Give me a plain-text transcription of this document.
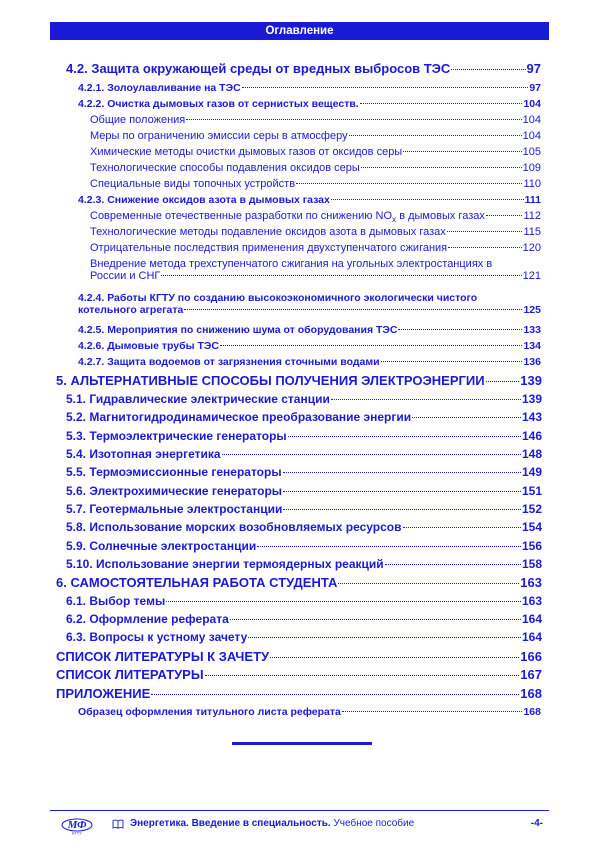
Оглавление
4.2. Защита окружающей среды от вредных выбросов ТЭС	97
4.2.1. Золоулавливание на ТЭС	97
4.2.2. Очистка дымовых газов от сернистых веществ.	104
Общие положения	104
Меры по ограничению эмиссии серы в атмосферу	104
Химические методы очистки дымовых газов от оксидов серы	105
Технологические способы подавления оксидов серы	109
Специальные виды топочных устройств	110
4.2.3. Снижение оксидов азота в дымовых газах	111
Современные отечественные разработки по снижению $NO_x$ в дымовых газах	112
Технологические методы подавление оксидов азота в дымовых газах	115
Отрицательные последствия применения двухступенчатого сжигания	120
Внедрение метода трехступенчатого сжигания на угольных электростанциях в
России и СНГ	121
4.2.4. Работы КГТУ по созданию высокоэкономичного экологически чистого
котельного агрегата	125
4.2.5. Мероприятия по снижению шума от оборудования ТЭС	133
4.2.6. Дымовые трубы ТЭС	134
4.2.7. Защита водоемов от загрязнения сточными водами	136
5. АЛЬТЕРНАТИВНЫЕ СПОСОБЫ ПОЛУЧЕНИЯ ЭЛЕКТРОЭНЕРГИИ	139
5.1. Гидравлические электрические станции	139
5.2. Магнитогидродинамическое преобразование энергии	143
5.3. Термоэлектрические генераторы	146
5.4. Изотопная энергетика	148
5.5. Термоэмиссионные генераторы	149
5.6. Электрохимические генераторы	151
5.7. Геотермальные электростанции	152
5.8. Использование морских возобновляемых ресурсов	154
5.9. Солнечные электростанции	156
5.10. Использование энергии термоядерных реакций	158
6. САМОСТОЯТЕЛЬНАЯ РАБОТА СТУДЕНТА	163
6.1. Выбор темы	163
6.2. Оформление реферата	164
6.3. Вопросы к устному зачету	164
СПИСОК ЛИТЕРАТУРЫ К ЗАЧЕТУ	166
СПИСОК ЛИТЕРАТУРЫ	167
ПРИЛОЖЕНИЕ	168
Образец оформления титульного листа реферата	168
МФ
КГТУ
Энергетика. Введение в специальность. Учебное пособие	-4-
